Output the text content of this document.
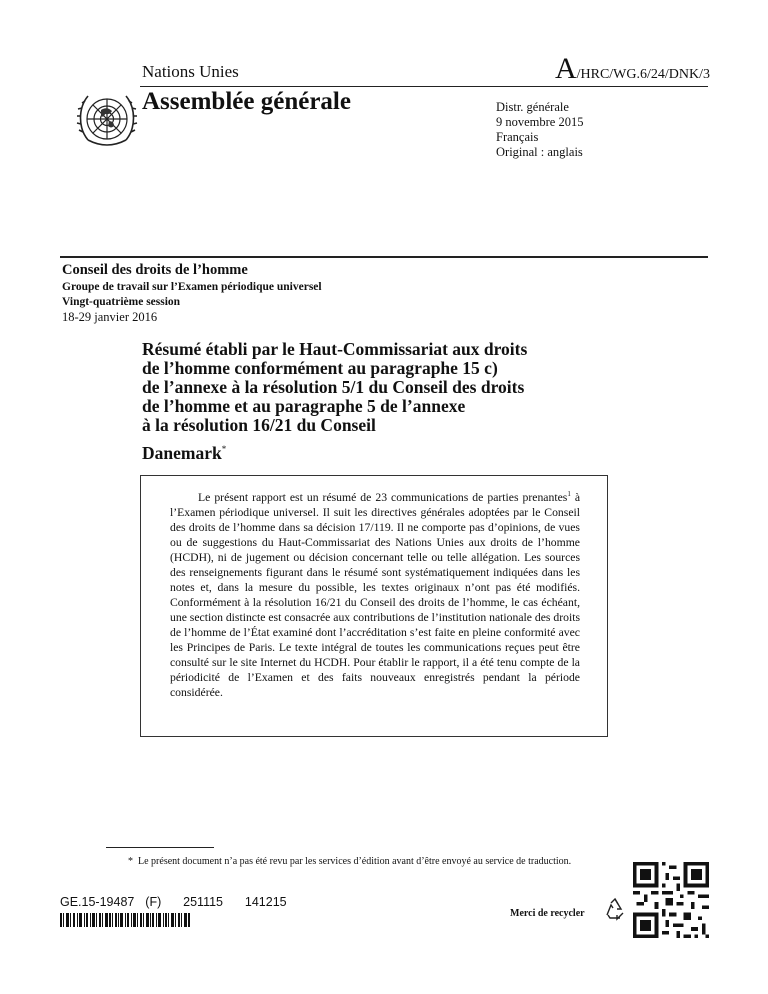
Nations Unies	A/HRC/WG.6/24/DNK/3
Assemblée générale	Distr. générale
9 novembre 2015
Français
Original : anglais
Conseil des droits de l’homme
Groupe de travail sur l’Examen périodique universel
Vingt-quatrième session
18-29 janvier 2016
Résumé établi par le Haut-Commissariat aux droits
de l’homme conformément au paragraphe 15 c)
de l’annexe à la résolution 5/1 du Conseil des droits
de l’homme et au paragraphe 5 de l’annexe
à la résolution 16/21 du Conseil
Danemark*

Le présent rapport est un résumé de 23 communications de parties prenantes$^1$ à l’Examen périodique universel. Il suit les directives générales adoptées par le Conseil des droits de l’homme dans sa décision 17/119. Il ne comporte pas d’opinions, de vues ou de suggestions du Haut-Commissariat des Nations Unies aux droits de l’homme (HCDH), ni de jugement ou décision concernant telle ou telle allégation. Les sources des renseignements figurant dans le résumé sont systématiquement indiquées dans les notes et, dans la mesure du possible, les textes originaux n’ont pas été modifiés. Conformément à la résolution 16/21 du Conseil des droits de l’homme, le cas échéant, une section distincte est consacrée aux contributions de l’institution nationale des droits de l’homme de l’État examiné dont l’accréditation s’est faite en pleine conformité avec les Principes de Paris. Le texte intégral de toutes les communications reçues peut être consulté sur le site Internet du HCDH. Pour établir le rapport, il a été tenu compte de la périodicité de l’Examen et des faits nouveaux enregistrés pendant la période considérée.

* Le présent document n’a pas été revu par les services d’édition avant d’être envoyé au service de traduction.
GE.15-19487  (F)    251115    141215
Merci de recycler
